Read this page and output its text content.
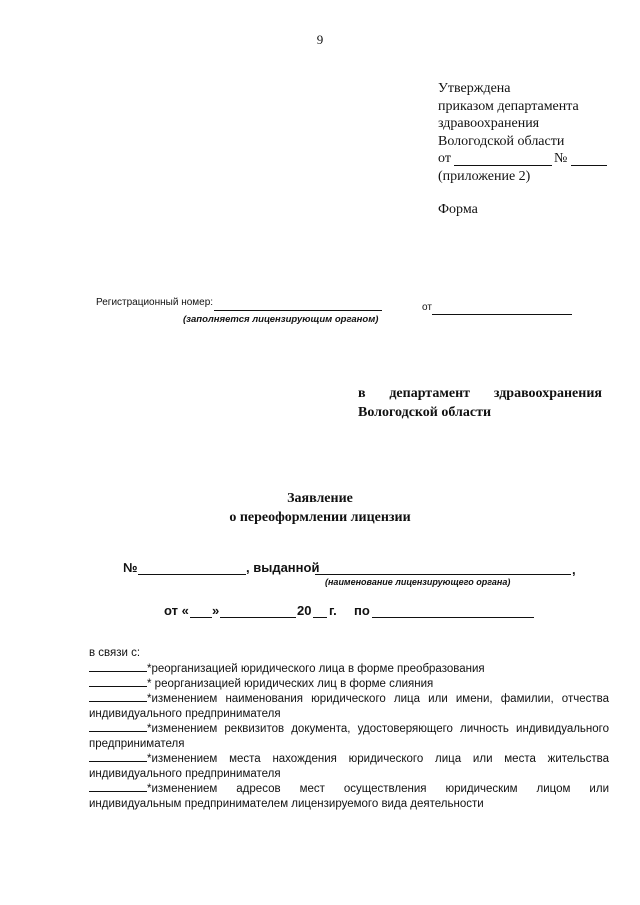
9
Утверждена
приказом департамента
здравоохранения
Вологодской области
от	№
(приложение 2)
Форма
Регистрационный номер:
(заполняется лицензирующим органом)
от
в департамент здравоохранения
Вологодской области
Заявление
о переоформлении лицензии
№	, выданной	,
(наименование лицензирующего органа)
от « »	20 г. по
в связи с:
*реорганизацией юридического лица в форме преобразования
* реорганизацией юридических лиц в форме слияния
*изменением наименования юридического лица или имени, фамилии, отчества индивидуального предпринимателя
*изменением реквизитов документа, удостоверяющего личность индивидуального предпринимателя
*изменением места нахождения юридического лица или места жительства индивидуального предпринимателя
*изменением адресов мест осуществления юридическим лицом или индивидуальным предпринимателем лицензируемого вида деятельности
